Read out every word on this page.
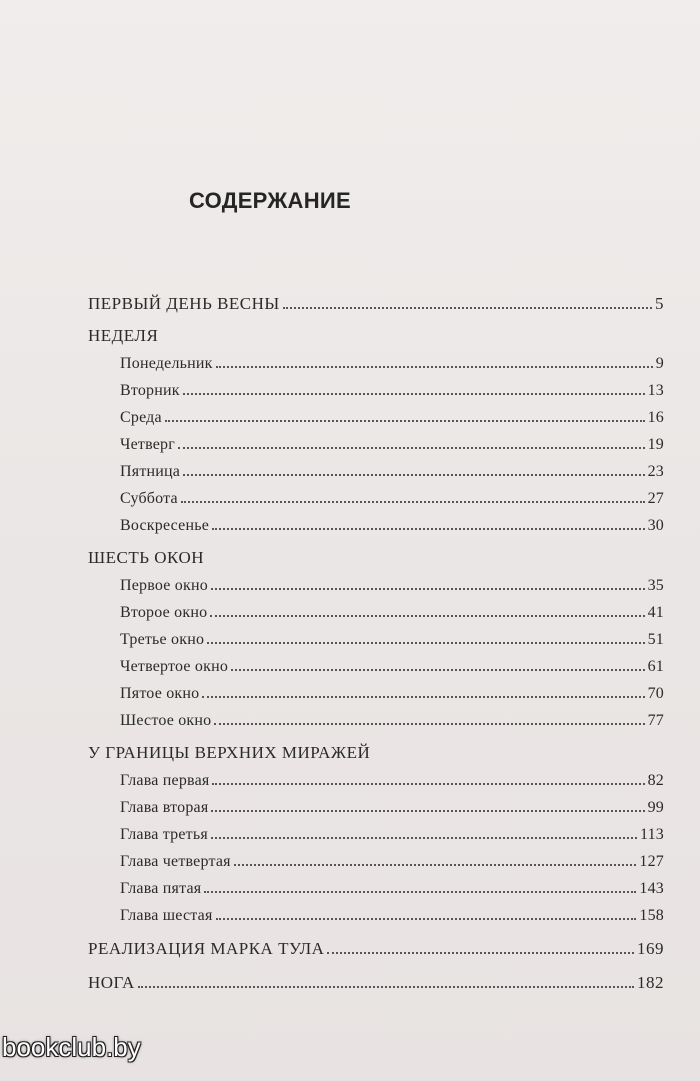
СОДЕРЖАНИЕ
ПЕРВЫЙ ДЕНЬ ВЕСНЫ	5
НЕДЕЛЯ
Понедельник	9
Вторник	13
Среда	16
Четверг	19
Пятница	23
Суббота	27
Воскресенье	30
ШЕСТЬ ОКОН
Первое окно	35
Второе окно	41
Третье окно	51
Четвертое окно	61
Пятое окно	70
Шестое окно	77
У ГРАНИЦЫ ВЕРХНИХ МИРАЖЕЙ
Глава первая	82
Глава вторая	99
Глава третья	113
Глава четвертая	127
Глава пятая	143
Глава шестая	158
РЕАЛИЗАЦИЯ МАРКА ТУЛА	169
НОГА	182
bookclub.by
